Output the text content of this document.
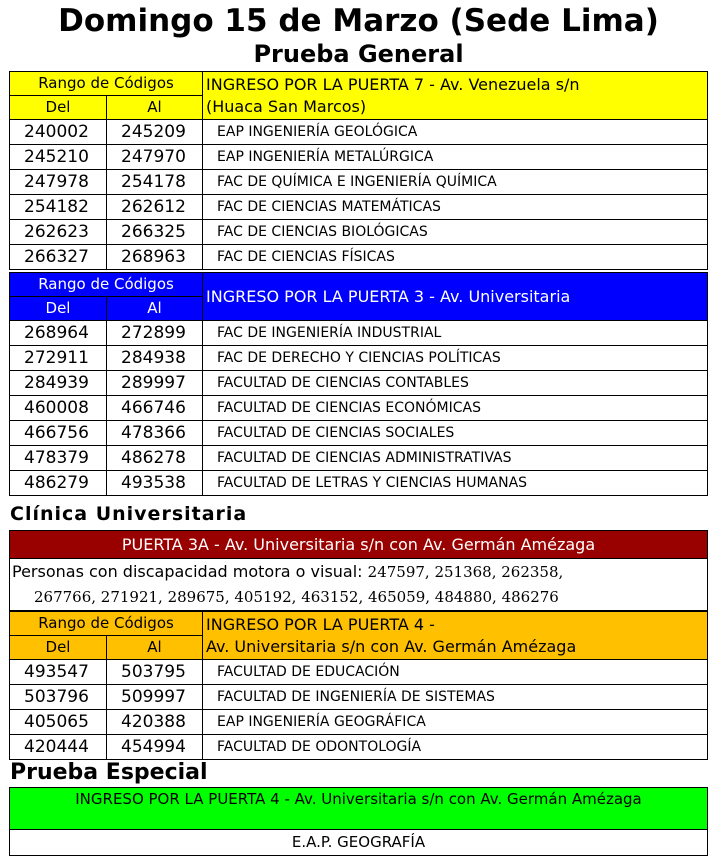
Domingo 15 de Marzo (Sede Lima)
Prueba General
Rango de Códigos		INGRESO POR LA PUERTA 7 - Av. Venezuela s/n
(Huaca San Marcos)

Del	Al	
240002	245209	EAP INGENIERÍA GEOLÓGICA
245210	247970	EAP INGENIERÍA METALÚRGICA
247978	254178	FAC DE QUÍMICA E INGENIERÍA QUÍMICA
254182	262612	FAC DE CIENCIAS MATEMÁTICAS
262623	266325	FAC DE CIENCIAS BIOLÓGICAS
266327	268963	FAC DE CIENCIAS FÍSICAS
Rango de Códigos		INGRESO POR LA PUERTA 3 - Av. Universitaria
Del	Al	
268964	272899	FAC DE INGENIERÍA INDUSTRIAL
272911	284938	FAC DE DERECHO Y CIENCIAS POLÍTICAS
284939	289997	FACULTAD DE CIENCIAS CONTABLES
460008	466746	FACULTAD DE CIENCIAS ECONÓMICAS
466756	478366	FACULTAD DE CIENCIAS SOCIALES
478379	486278	FACULTAD DE CIENCIAS ADMINISTRATIVAS
486279	493538	FACULTAD DE LETRAS Y CIENCIAS HUMANAS
Clínica Universitaria
PUERTA 3A - Av. Universitaria s/n con Av. Germán Amézaga
Personas con discapacidad motora o visual: 247597, 251368, 262358,
267766, 271921, 289675, 405192, 463152, 465059, 484880, 486276
Rango de Códigos		INGRESO POR LA PUERTA 4 -
Av. Universitaria s/n con Av. Germán Amézaga

Del	Al	
493547	503795	FACULTAD DE EDUCACIÓN
503796	509997	FACULTAD DE INGENIERÍA DE SISTEMAS
405065	420388	EAP INGENIERÍA GEOGRÁFICA
420444	454994	FACULTAD DE ODONTOLOGÍA
Prueba Especial
INGRESO POR LA PUERTA 4 - Av. Universitaria s/n con Av. Germán Amézaga
E.A.P. GEOGRAFÍA
